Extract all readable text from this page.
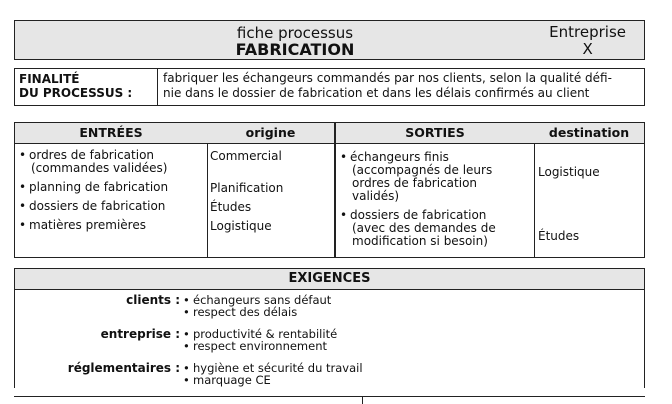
fiche processus
FABRICATION
Entreprise
X
FINALITÉ
DU PROCESSUS :
fabriquer les échangeurs commandés par nos clients, selon la qualité défi-
nie dans le dossier de fabrication et dans les délais confirmés au client
ENTRÉES
• ordres de fabrication
(commandes validées)
• planning de fabrication
• dossiers de fabrication
• matières premières
origine
Commercial
Planification
Études
Logistique
SORTIES
• échangeurs finis
(accompagnés de leurs
ordres de fabrication
validés)
• dossiers de fabrication
(avec des demandes de
modification si besoin)
destination
Logistique
Études
EXIGENCES
clients : • échangeurs sans défaut
• respect des délais
entreprise : • productivité & rentabilité
• respect environnement
réglementaires : • hygiène et sécurité du travail
• marquage CE
